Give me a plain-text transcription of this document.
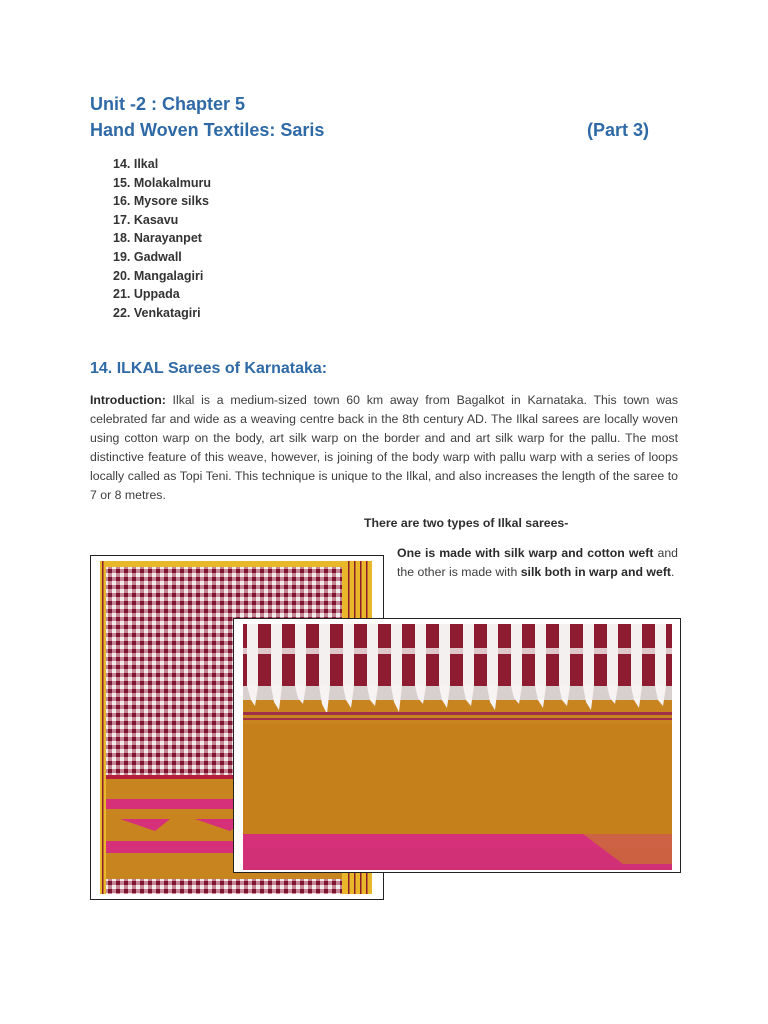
Unit -2 : Chapter 5
Hand Woven Textiles: Saris	(Part 3)
14. Ilkal
15. Molakalmuru
16. Mysore silks
17. Kasavu
18. Narayanpet
19. Gadwall
20. Mangalagiri
21. Uppada
22. Venkatagiri
14. ILKAL Sarees of Karnataka:

Introduction: Ilkal is a medium-sized town 60 km away from Bagalkot in Karnataka. This town was celebrated far and wide as a weaving centre back in the 8th century AD. The Ilkal sarees are locally woven using cotton warp on the body, art silk warp on the border and and art silk warp for the pallu. The most distinctive feature of this weave, however, is joining of the body warp with pallu warp with a series of loops locally called as Topi Teni. This technique is unique to the Ilkal, and also increases the length of the saree to 7 or 8 metres.

There are two types of Ilkal sarees-

One is made with silk warp and cotton weft and the other is made with silk both in warp and weft.
